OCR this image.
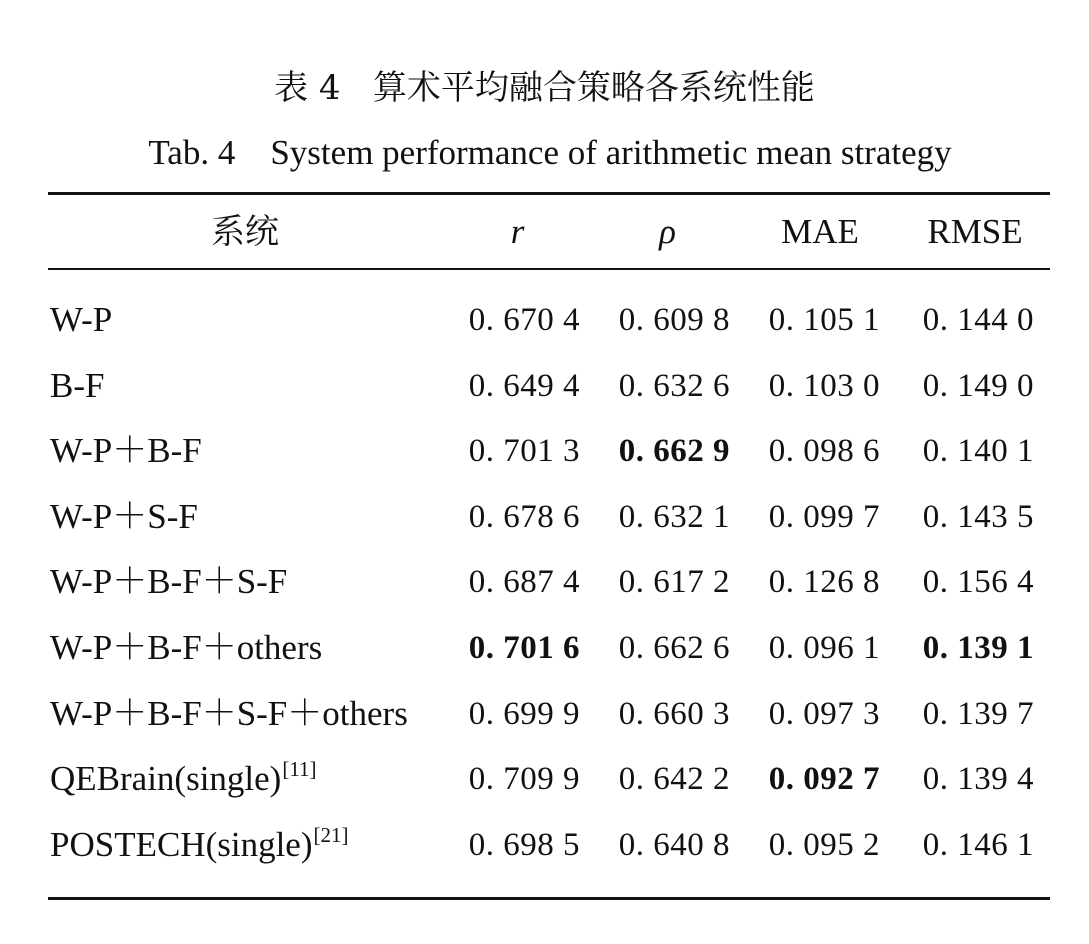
表 4   算术平均融合策略各系统性能
Tab. 4    System performance of arithmetic mean strategy
系统	r	ρ	MAE	RMSE
W-P	0. 670 4	0. 609 8	0. 105 1	0. 144 0
B-F	0. 649 4	0. 632 6	0. 103 0	0. 149 0
W-P＋B-F	0. 701 3	0. 662 9	0. 098 6	0. 140 1
W-P＋S-F	0. 678 6	0. 632 1	0. 099 7	0. 143 5
W-P＋B-F＋S-F	0. 687 4	0. 617 2	0. 126 8	0. 156 4
W-P＋B-F＋others	0. 701 6	0. 662 6	0. 096 1	0. 139 1
W-P＋B-F＋S-F＋others	0. 699 9	0. 660 3	0. 097 3	0. 139 7
QEBrain(single)[11]	0. 709 9	0. 642 2	0. 092 7	0. 139 4
POSTECH(single)[21]	0. 698 5	0. 640 8	0. 095 2	0. 146 1
